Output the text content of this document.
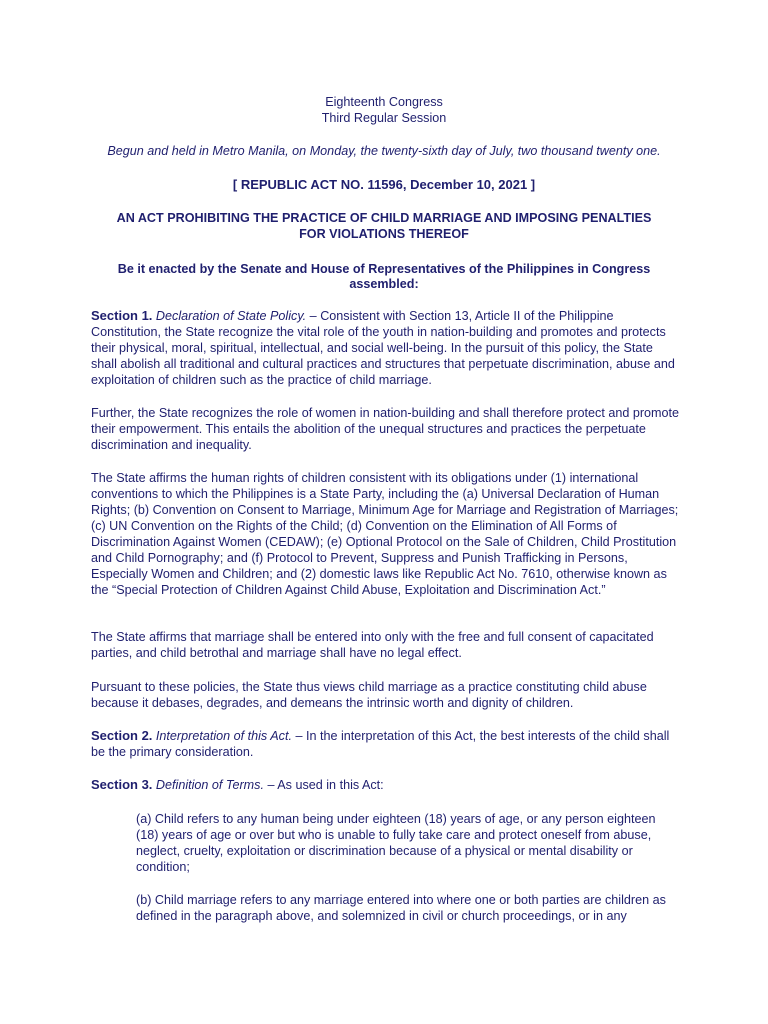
Eighteenth Congress
Third Regular Session
Begun and held in Metro Manila, on Monday, the twenty-sixth day of July, two thousand twenty one.
[ REPUBLIC ACT NO. 11596, December 10, 2021 ]
AN ACT PROHIBITING THE PRACTICE OF CHILD MARRIAGE AND IMPOSING PENALTIES
FOR VIOLATIONS THEREOF
Be it enacted by the Senate and House of Representatives of the Philippines in Congress
assembled:

Section 1. Declaration of State Policy. – Consistent with Section 13, Article II of the Philippine Constitution, the State recognize the vital role of the youth in nation-building and promotes and protects their physical, moral, spiritual, intellectual, and social well-being. In the pursuit of this policy, the State shall abolish all traditional and cultural practices and structures that perpetuate discrimination, abuse and exploitation of children such as the practice of child marriage.

Further, the State recognizes the role of women in nation-building and shall therefore protect and promote their empowerment. This entails the abolition of the unequal structures and practices the perpetuate discrimination and inequality.

The State affirms the human rights of children consistent with its obligations under (1) international conventions to which the Philippines is a State Party, including the (a) Universal Declaration of Human Rights; (b) Convention on Consent to Marriage, Minimum Age for Marriage and Registration of Marriages; (c) UN Convention on the Rights of the Child; (d) Convention on the Elimination of All Forms of Discrimination Against Women (CEDAW); (e) Optional Protocol on the Sale of Children, Child Prostitution and Child Pornography; and (f) Protocol to Prevent, Suppress and Punish Trafficking in Persons, Especially Women and Children; and (2) domestic laws like Republic Act No. 7610, otherwise known as the “Special Protection of Children Against Child Abuse, Exploitation and Discrimination Act.”

The State affirms that marriage shall be entered into only with the free and full consent of capacitated parties, and child betrothal and marriage shall have no legal effect.

Pursuant to these policies, the State thus views child marriage as a practice constituting child abuse because it debases, degrades, and demeans the intrinsic worth and dignity of children.

Section 2. Interpretation of this Act. – In the interpretation of this Act, the best interests of the child shall be the primary consideration.

Section 3. Definition of Terms. – As used in this Act:

(a) Child refers to any human being under eighteen (18) years of age, or any person eighteen (18) years of age or over but who is unable to fully take care and protect oneself from abuse, neglect, cruelty, exploitation or discrimination because of a physical or mental disability or condition;

(b) Child marriage refers to any marriage entered into where one or both parties are children as defined in the paragraph above, and solemnized in civil or church proceedings, or in any
